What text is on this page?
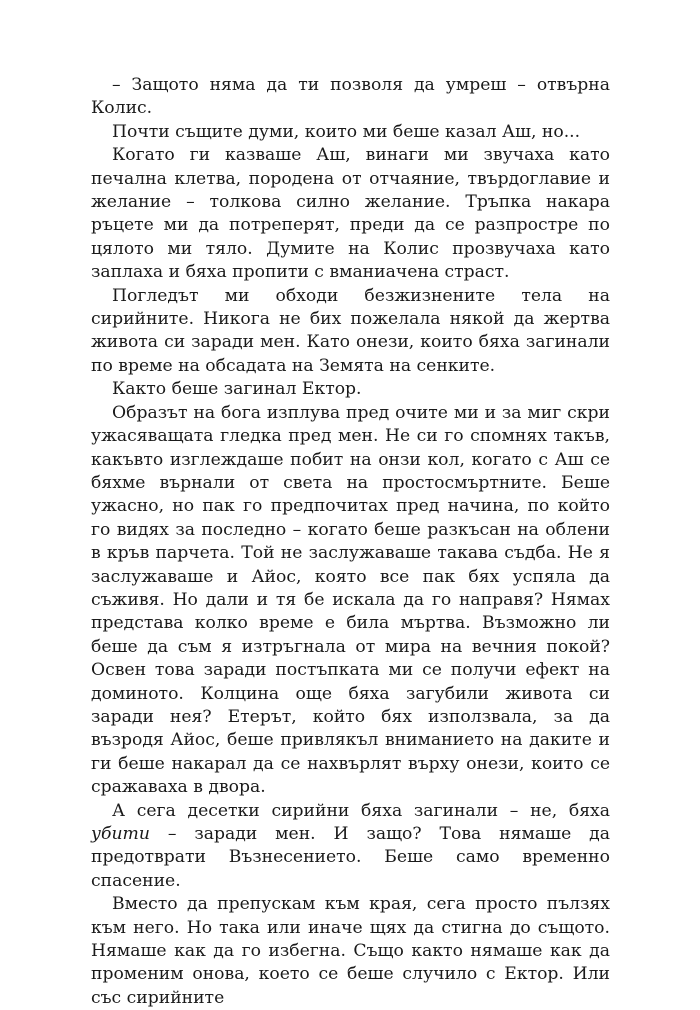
– Защото няма да ти позволя да умреш – отвърна Колис.

Почти същите думи, които ми беше казал Аш, но...

Когато ги казваше Аш, винаги ми звучаха като печална клетва, породена от отчаяние, твърдоглавие и желание – толкова силно желание. Тръпка накара ръцете ми да потреперят, преди да се разпростре по цялото ми тяло. Думите на Колис прозвучаха като заплаха и бяха пропити с вманиачена страст.

Погледът ми обходи безжизнените тела на сирийните. Никога не бих пожелала някой да жертва живота си заради мен. Като онези, които бяха загинали по време на обсадата на Земята на сенките.

Както беше загинал Ектор.

Образът на бога изплува пред очите ми и за миг скри ужасяващата гледка пред мен. Не си го спомнях такъв, какъвто изглеждаше побит на онзи кол, когато с Аш се бяхме върнали от света на простосмъртните. Беше ужасно, но пак го предпочитах пред начина, по който го видях за последно – когато беше разкъсан на облени в кръв парчета. Той не заслужаваше такава съдба. Не я заслужаваше и Айос, която все пак бях успяла да съживя. Но дали и тя бе искала да го направя? Нямах представа колко време е била мъртва. Възможно ли беше да съм я изтръгнала от мира на вечния покой? Освен това заради постъпката ми се получи ефект на доминото. Колцина още бяха загубили живота си заради нея? Етерът, който бях използвала, за да възродя Айос, беше привлякъл вниманието на даките и ги беше накарал да се нахвърлят върху онези, които се сражаваха в двора.

А сега десетки сирийни бяха загинали – не, бяха убити – заради мен. И защо? Това нямаше да предотврати Възнесението. Беше само временно спасение.

Вместо да препускам към края, сега просто пълзях към него. Но така или иначе щях да стигна до същото. Нямаше как да го избегна. Също както нямаше как да променим онова, което се беше случило с Ектор. Или със сирийните
